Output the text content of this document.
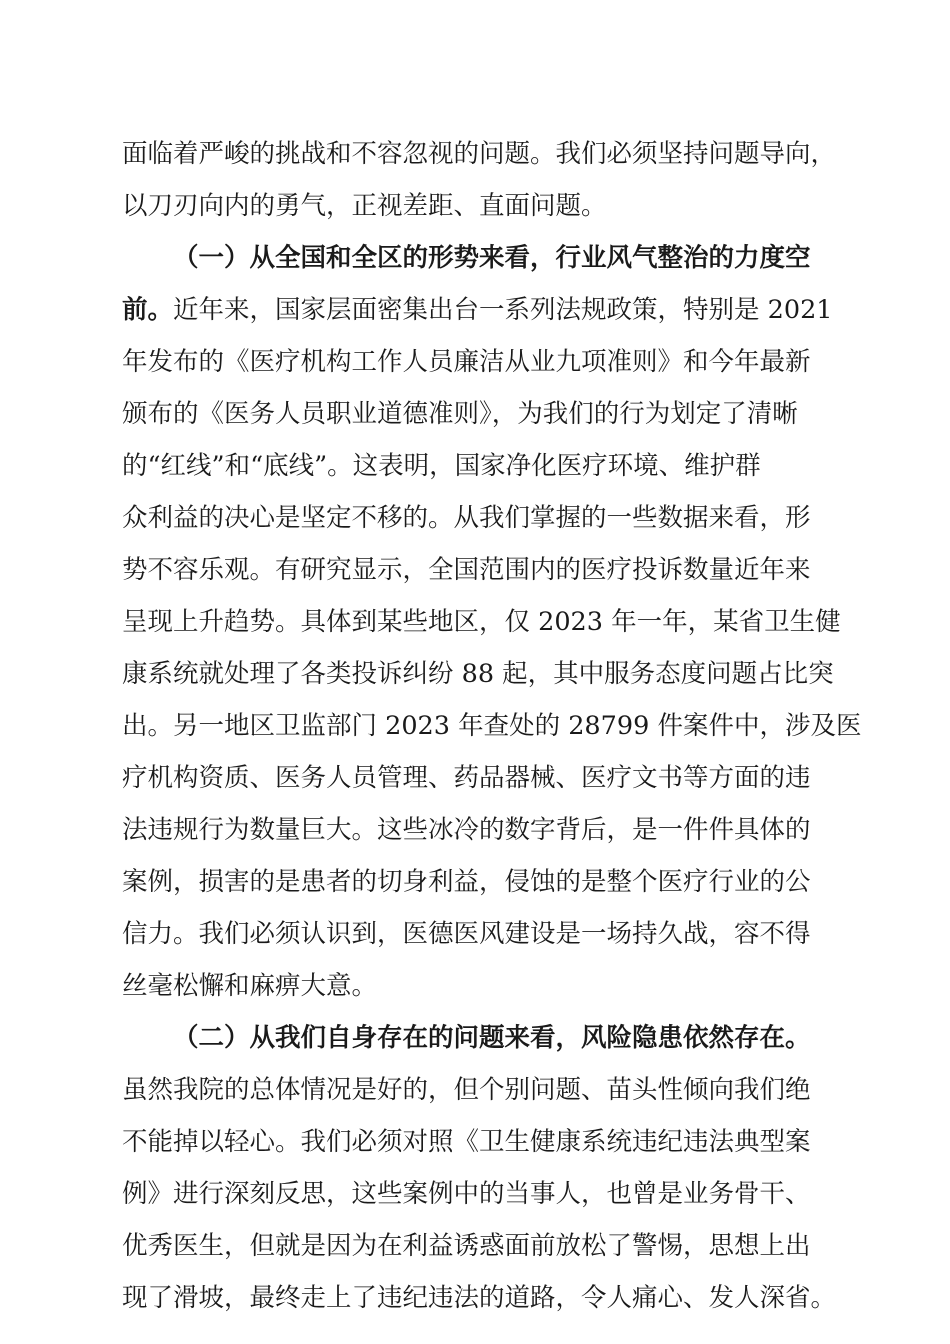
面临着严峻的挑战和不容忽视的问题。我们必须坚持问题导向，
以刀刃向内的勇气，正视差距、直面问题。
（一）从全国和全区的形势来看，行业风气整治的力度空
前。近年来，国家层面密集出台一系列法规政策，特别是 2021
年发布的《医疗机构工作人员廉洁从业九项准则》和今年最新
颁布的《医务人员职业道德准则》，为我们的行为划定了清晰
的“红线”和“底线”。这表明，国家净化医疗环境、维护群
众利益的决心是坚定不移的。从我们掌握的一些数据来看，形
势不容乐观。有研究显示，全国范围内的医疗投诉数量近年来
呈现上升趋势。具体到某些地区，仅 2023 年一年，某省卫生健
康系统就处理了各类投诉纠纷 88 起，其中服务态度问题占比突
出。另一地区卫监部门 2023 年查处的 28799 件案件中，涉及医
疗机构资质、医务人员管理、药品器械、医疗文书等方面的违
法违规行为数量巨大。这些冰冷的数字背后，是一件件具体的
案例，损害的是患者的切身利益，侵蚀的是整个医疗行业的公
信力。我们必须认识到，医德医风建设是一场持久战，容不得
丝毫松懈和麻痹大意。
（二）从我们自身存在的问题来看，风险隐患依然存在。
虽然我院的总体情况是好的，但个别问题、苗头性倾向我们绝
不能掉以轻心。我们必须对照《卫生健康系统违纪违法典型案
例》进行深刻反思，这些案例中的当事人，也曾是业务骨干、
优秀医生，但就是因为在利益诱惑面前放松了警惕，思想上出
现了滑坡，最终走上了违纪违法的道路，令人痛心、发人深省。
